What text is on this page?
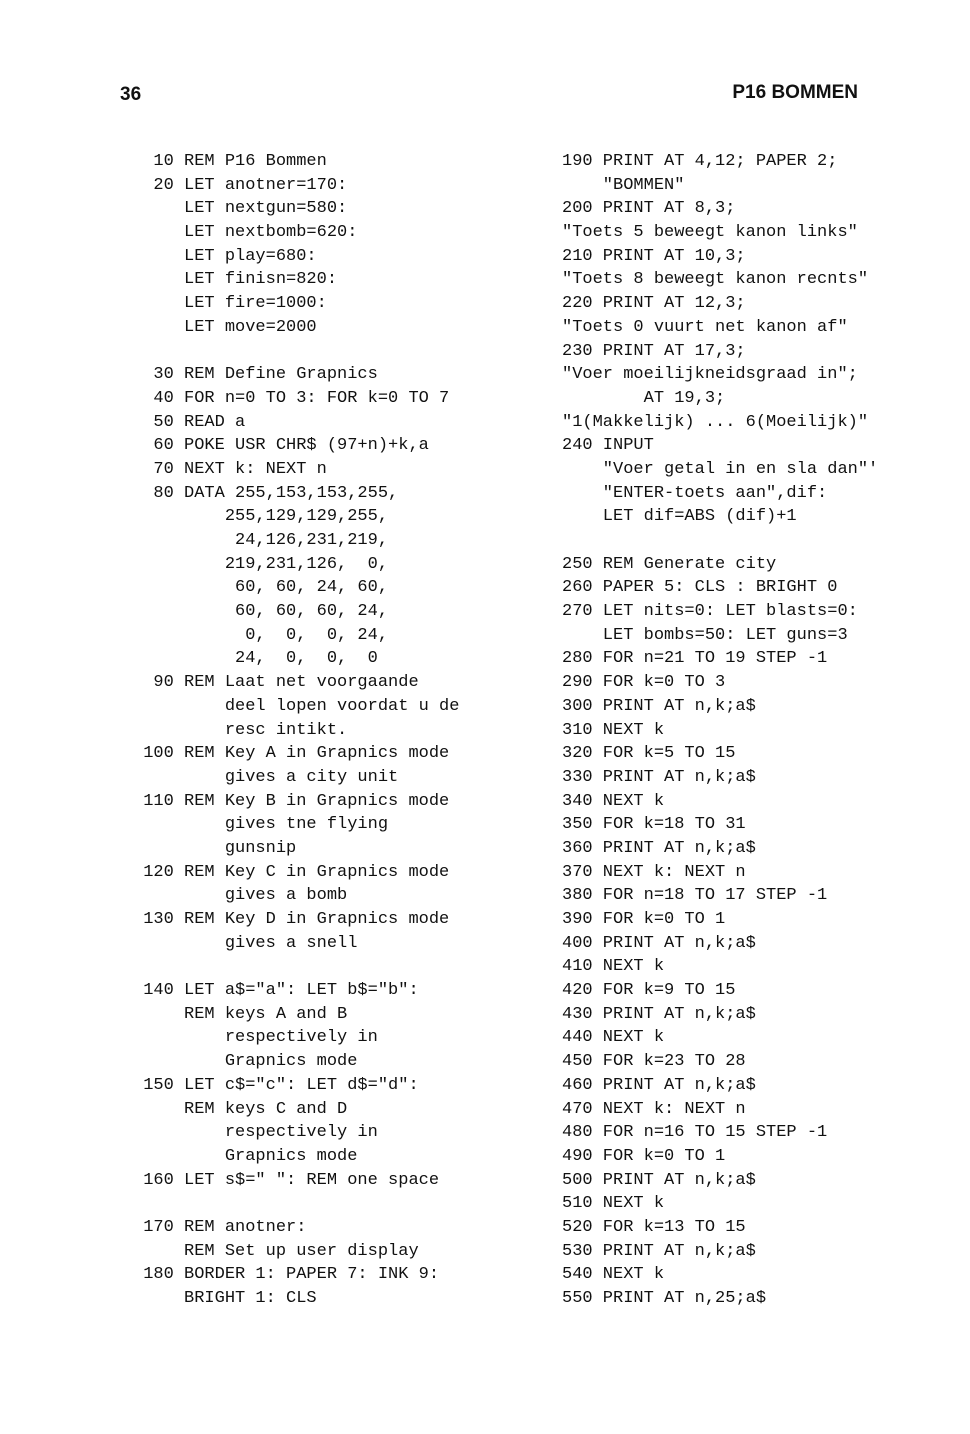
36	P16 BOMMEN
10 REM P16 Bommen
20 LET anotner=170:
LET nextgun=580:
LET nextbomb=620:
LET play=680:
LET finisn=820:
LET fire=1000:
LET move=2000
30 REM Define Grapnics
40 FOR n=0 TO 3: FOR k=0 TO 7
50 READ a
60 POKE USR CHR$ (97+n)+k,a
70 NEXT k: NEXT n
80 DATA 255,153,153,255,
255,129,129,255,
24,126,231,219,
219,231,126,  0,
60, 60, 24, 60,
60, 60, 60, 24,
0,  0,  0, 24,
24,  0,  0,  0
90 REM Laat net voorgaande
deel lopen voordat u de
resc intikt.
100 REM Key A in Grapnics mode
gives a city unit
110 REM Key B in Grapnics mode
gives tne flying
gunsnip
120 REM Key C in Grapnics mode
gives a bomb
130 REM Key D in Grapnics mode
gives a snell
140 LET a$="a": LET b$="b":
REM keys A and B
respectively in
Grapnics mode
150 LET c$="c": LET d$="d":
REM keys C and D
respectively in
Grapnics mode
160 LET s$=" ": REM one space
170 REM anotner:
REM Set up user display
180 BORDER 1: PAPER 7: INK 9:
BRIGHT 1: CLS
190 PRINT AT 4,12; PAPER 2;
"BOMMEN"
200 PRINT AT 8,3;
"Toets 5 beweegt kanon links"
210 PRINT AT 10,3;
"Toets 8 beweegt kanon recnts"
220 PRINT AT 12,3;
"Toets 0 vuurt net kanon af"
230 PRINT AT 17,3;
"Voer moeilijkneidsgraad in";
AT 19,3;
"1(Makkelijk) ... 6(Moeilijk)"
240 INPUT
"Voer getal in en sla dan"'
"ENTER-toets aan",dif:
LET dif=ABS (dif)+1
250 REM Generate city
260 PAPER 5: CLS : BRIGHT 0
270 LET nits=0: LET blasts=0:
LET bombs=50: LET guns=3
280 FOR n=21 TO 19 STEP -1
290 FOR k=0 TO 3
300 PRINT AT n,k;a$
310 NEXT k
320 FOR k=5 TO 15
330 PRINT AT n,k;a$
340 NEXT k
350 FOR k=18 TO 31
360 PRINT AT n,k;a$
370 NEXT k: NEXT n
380 FOR n=18 TO 17 STEP -1
390 FOR k=0 TO 1
400 PRINT AT n,k;a$
410 NEXT k
420 FOR k=9 TO 15
430 PRINT AT n,k;a$
440 NEXT k
450 FOR k=23 TO 28
460 PRINT AT n,k;a$
470 NEXT k: NEXT n
480 FOR n=16 TO 15 STEP -1
490 FOR k=0 TO 1
500 PRINT AT n,k;a$
510 NEXT k
520 FOR k=13 TO 15
530 PRINT AT n,k;a$
540 NEXT k
550 PRINT AT n,25;a$
